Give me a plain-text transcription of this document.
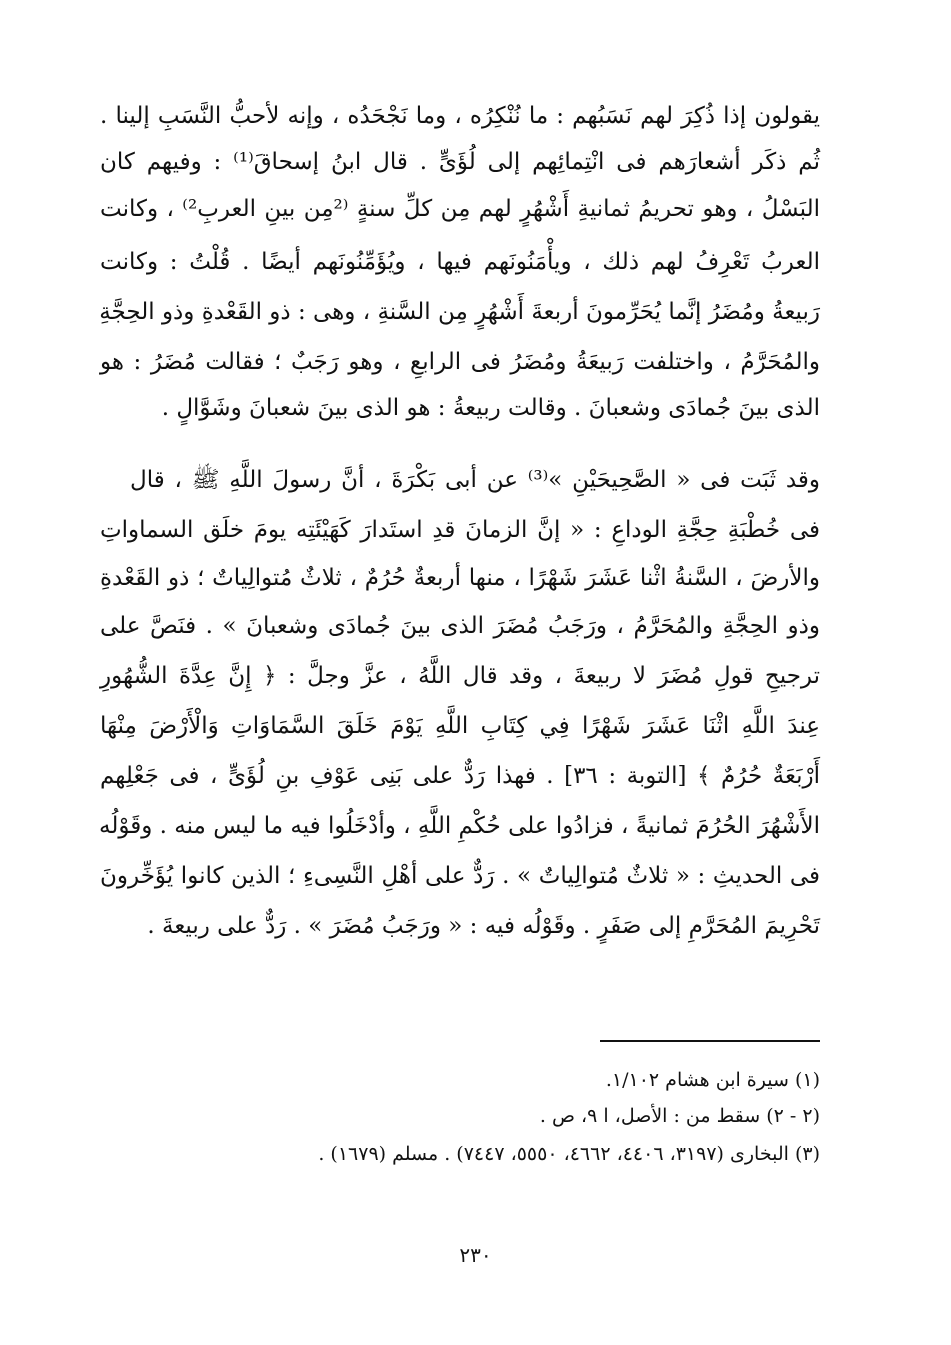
يقولون إذا ذُكِرَ لهم نَسَبُهم : ما نُنْكِرُه ، وما نَجْحَدُه ، وإنه لأحبُّ النَّسَبِ إلينا .
ثُم ذكَر أشعارَهم فى انْتِمائِهم إلى لُؤَىٍّ . قال ابنُ إسحاقَ⁽¹⁾ : وفيهم كان
البَسْلُ ، وهو تحريمُ ثمانيةِ أَشْهُرٍ لهم مِن كلِّ سنةٍ ⁽²مِن بينِ العربِ²⁾ ، وكانت
العربُ تَعْرِفُ لهم ذلك ، ويأْمَنُونَهم فيها ، ويُؤَمِّنُونَهم أيضًا . قُلْتُ : وكانت
رَبيعةُ ومُضَرُ إنَّما يُحَرِّمونَ أربعةَ أَشْهُرٍ مِن السَّنةِ ، وهى : ذو القَعْدةِ وذو الحِجَّةِ
والمُحَرَّمُ ، واختلفت رَبيعَةُ ومُضَرُ فى الرابعِ ، وهو رَجَبٌ ؛ فقالت مُضَرُ : هو
الذى بينَ جُمادَى وشعبانَ . وقالت ربيعةُ : هو الذى بينَ شعبانَ وشَوَّالٍ .
وقد ثَبَت فى « الصَّحِيحَيْنِ »⁽³⁾ عن أبى بَكْرَةَ ، أنَّ رسولَ اللَّهِ ﷺ ، قال
فى خُطْبَةِ حِجَّةِ الوداعِ : « إنَّ الزمانَ قدِ استَدارَ كَهَيْئَتِه يومَ خلَق السماواتِ
والأرضَ ، السَّنةُ اثْنا عَشَرَ شَهْرًا ، منها أربعةٌ حُرُمٌ ، ثلاثٌ مُتوالِياتٌ ؛ ذو القَعْدةِ
وذو الحِجَّةِ والمُحَرَّمُ ، ورَجَبُ مُضَرَ الذى بينَ جُمادَى وشعبانَ » . فنَصَّ على
ترجيحِ قولِ مُضَرَ لا ربيعةَ ، وقد قال اللَّهُ ، عزَّ وجلَّ : ﴿ إِنَّ عِدَّةَ الشُّهُورِ
عِندَ اللَّهِ اثْنَا عَشَرَ شَهْرًا فِي كِتَابِ اللَّهِ يَوْمَ خَلَقَ السَّمَاوَاتِ وَالْأَرْضَ مِنْهَا
أَرْبَعَةٌ حُرُمٌ ﴾ [التوبة : ٣٦] . فهذا رَدٌّ على بَنِى عَوْفِ بنِ لُؤَىٍّ ، فى جَعْلِهم
الأَشْهُرَ الحُرُمَ ثمانيةً ، فزادُوا على حُكْمِ اللَّهِ ، وأدْخَلُوا فيه ما ليس منه . وقَوْلُه
فى الحديثِ : « ثلاثٌ مُتوالِياتٌ » . رَدٌّ على أهْلِ النَّسِىءِ ؛ الذين كانوا يُؤَخِّرونَ
تَحْرِيمَ المُحَرَّمِ إلى صَفَرٍ . وقَوْلُه فيه : « ورَجَبُ مُضَرَ » . رَدٌّ على ربيعةَ .
(١) سيرة ابن هشام ١/١٠٢.
(٢ - ٢) سقط من : الأصل، ا ٩، ص .
(٣) البخارى (٣١٩٧، ٤٤٠٦، ٤٦٦٢، ٥٥٥٠، ٧٤٤٧) . مسلم (١٦٧٩) .
٢٣٠
